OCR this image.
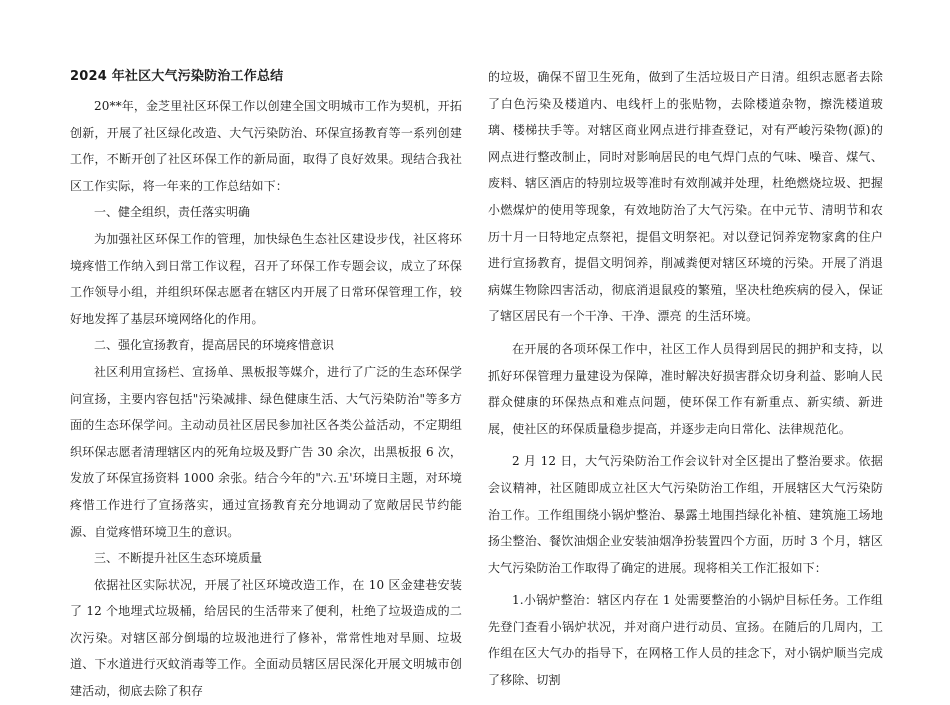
2024 年社区大气污染防治工作总结

20**年，金芝里社区环保工作以创建全国文明城市工作为契机，开拓创新，开展了社区绿化改造、大气污染防治、环保宣扬教育等一系列创建工作，不断开创了社区环保工作的新局面，取得了良好效果。现结合我社区工作实际，将一年来的工作总结如下：

一、健全组织，责任落实明确

为加强社区环保工作的管理，加快绿色生态社区建设步伐，社区将环境疼惜工作纳入到日常工作议程，召开了环保工作专题会议，成立了环保工作领导小组，并组织环保志愿者在辖区内开展了日常环保管理工作，较好地发挥了基层环境网络化的作用。

二、强化宣扬教育，提高居民的环境疼惜意识

社区利用宣扬栏、宣扬单、黑板报等媒介，进行了广泛的生态环保学问宣扬，主要内容包括"污染减排、绿色健康生活、大气污染防治"等多方面的生态环保学问。主动动员社区居民参加社区各类公益活动，不定期组织环保志愿者清理辖区内的死角垃圾及野广告 30 余次，出黑板报 6 次，发放了环保宣扬资料 1000 余张。结合今年的"六.五'环境日主题，对环境疼惜工作进行了宣扬落实，通过宣扬教育充分地调动了宽敞居民节约能源、自觉疼惜环境卫生的意识。

三、不断提升社区生态环境质量

依据社区实际状况，开展了社区环境改造工作，在 10 区金建巷安装了 12 个地埋式垃圾桶，给居民的生活带来了便利，杜绝了垃圾造成的二次污染。对辖区部分倒塌的垃圾池进行了修补，常常性地对旱厕、垃圾道、下水道进行灭蚊消毒等工作。全面动员辖区居民深化开展文明城市创建活动，彻底去除了积存

的垃圾，确保不留卫生死角，做到了生活垃圾日产日清。组织志愿者去除了白色污染及楼道内、电线杆上的张贴物，去除楼道杂物，擦洗楼道玻璃、楼梯扶手等。对辖区商业网点进行排查登记，对有严峻污染物(源)的网点进行整改制止，同时对影响居民的电气焊门点的气味、噪音、煤气、废料、辖区酒店的特别垃圾等准时有效削减并处理，杜绝燃烧垃圾、把握小燃煤炉的使用等现象，有效地防治了大气污染。在中元节、清明节和农历十月一日特地定点祭祀，提倡文明祭祀。对以登记饲养宠物家禽的住户进行宣扬教育，提倡文明饲养，削减粪便对辖区环境的污染。开展了消退病媒生物除四害活动，彻底消退鼠疫的繁殖，坚决杜绝疾病的侵入，保证了辖区居民有一个干净、干净、漂亮 的生活环境。

在开展的各项环保工作中，社区工作人员得到居民的拥护和支持，以抓好环保管理力量建设为保障，准时解决好损害群众切身利益、影响人民群众健康的环保热点和难点问题，使环保工作有新重点、新实绩、新进展，使社区的环保质量稳步提高，并逐步走向日常化、法律规范化。

2 月 12 日，大气污染防治工作会议针对全区提出了整治要求。依据会议精神，社区随即成立社区大气污染防治工作组，开展辖区大气污染防治工作。工作组围绕小锅炉整治、暴露土地围挡绿化补植、建筑施工场地扬尘整治、餐饮油烟企业安装油烟净扮装置四个方面，历时 3 个月，辖区大气污染防治工作取得了确定的进展。现将相关工作汇报如下：

1.小锅炉整治：辖区内存在 1 处需要整治的小锅炉目标任务。工作组先登门查看小锅炉状况，并对商户进行动员、宣扬。在随后的几周内，工作组在区大气办的指导下，在网格工作人员的挂念下，对小锅炉顺当完成了移除、切割
